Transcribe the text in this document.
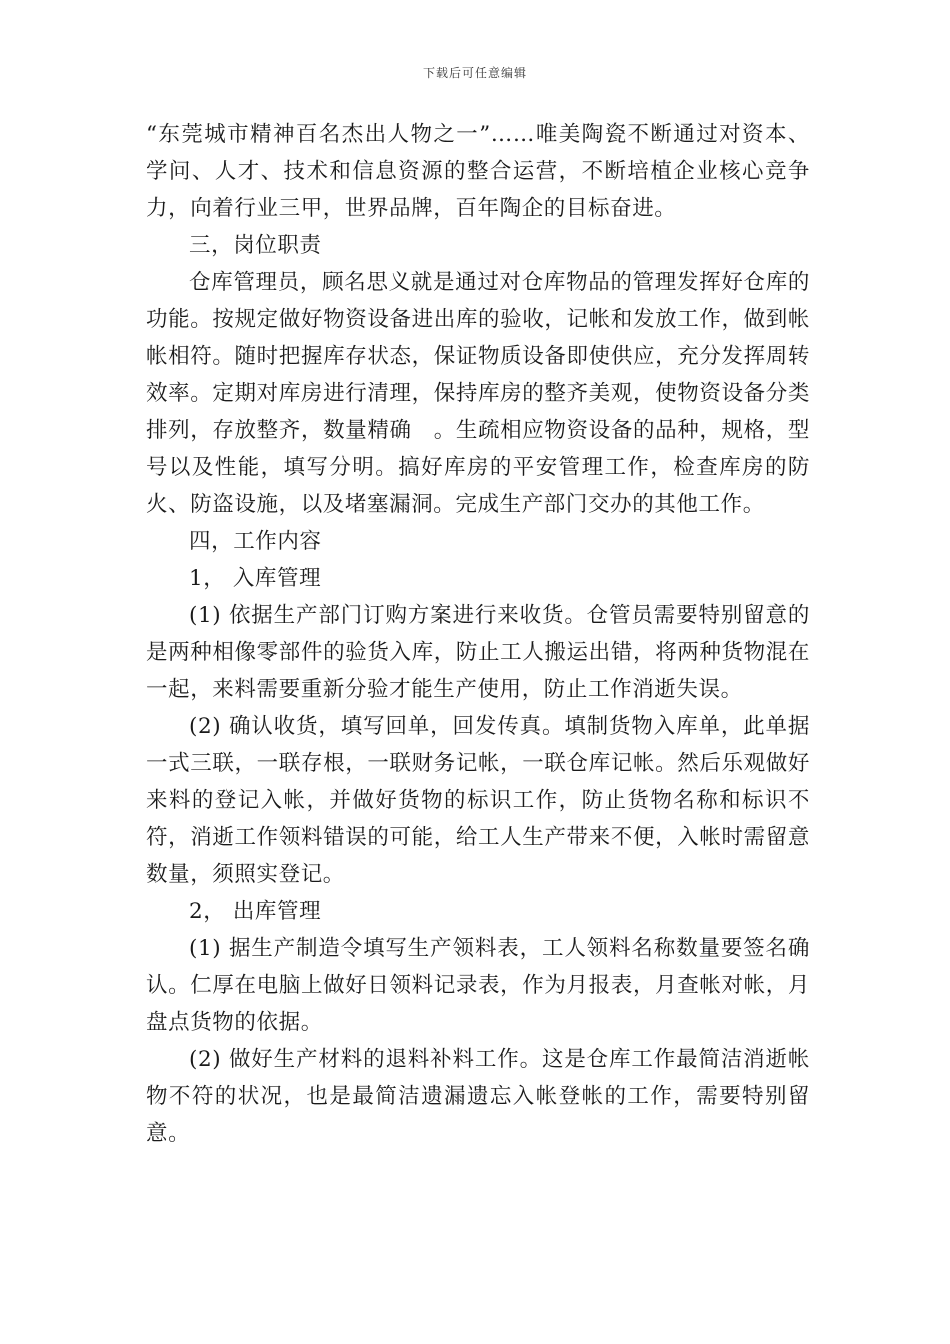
下载后可任意编辑

“东莞城市精神百名杰出人物之一”……唯美陶瓷不断通过对资本、学问、人才、技术和信息资源的整合运营，不断培植企业核心竞争力，向着行业三甲，世界品牌，百年陶企的目标奋进。

三，岗位职责

仓库管理员，顾名思义就是通过对仓库物品的管理发挥好仓库的功能。按规定做好物资设备进出库的验收，记帐和发放工作，做到帐帐相符。随时把握库存状态，保证物质设备即使供应，充分发挥周转效率。定期对库房进行清理，保持库房的整齐美观，使物资设备分类排列，存放整齐，数量精确　。生疏相应物资设备的品种，规格，型号以及性能，填写分明。搞好库房的平安管理工作，检查库房的防火、防盗设施，以及堵塞漏洞。完成生产部门交办的其他工作。

四，工作内容

1， 入库管理

(1) 依据生产部门订购方案进行来收货。仓管员需要特别留意的是两种相像零部件的验货入库，防止工人搬运出错，将两种货物混在一起，来料需要重新分验才能生产使用，防止工作消逝失误。

(2) 确认收货，填写回单，回发传真。填制货物入库单，此单据一式三联，一联存根，一联财务记帐，一联仓库记帐。然后乐观做好来料的登记入帐，并做好货物的标识工作，防止货物名称和标识不符，消逝工作领料错误的可能，给工人生产带来不便，入帐时需留意数量，须照实登记。

2， 出库管理

(1) 据生产制造令填写生产领料表，工人领料名称数量要签名确认。仁厚在电脑上做好日领料记录表，作为月报表，月查帐对帐，月盘点货物的依据。

(2) 做好生产材料的退料补料工作。这是仓库工作最简洁消逝帐物不符的状况，也是最简洁遗漏遗忘入帐登帐的工作，需要特别留意。
